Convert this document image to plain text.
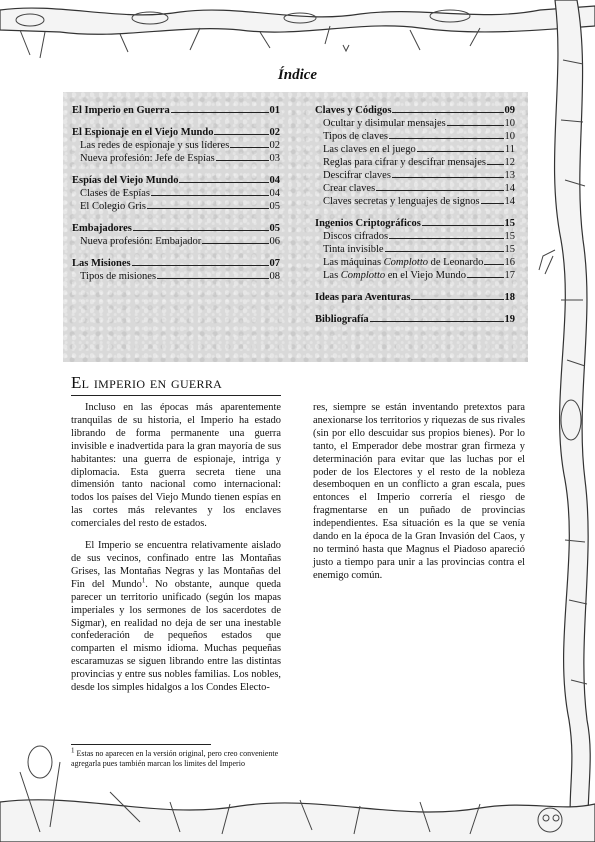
Índice
El Imperio en Guerra	01
El Espionaje en el Viejo Mundo	02
Las redes de espionaje y sus líderes	02
Nueva profesión: Jefe de Espías	03
Espías del Viejo Mundo	04
Clases de Espías	04
El Colegio Gris	05
Embajadores	05
Nueva profesión: Embajador	06
Las Misiones	07
Tipos de misiones	08
Claves y Códigos	09
Ocultar y disimular mensajes	10
Tipos de claves	10
Las claves en el juego	11
Reglas para cifrar y descifrar mensajes 12
Descifrar claves	13
Crear claves	14
Claves secretas y lenguajes de signos 14
Ingenios Criptográficos	15
Discos cifrados	15
Tinta invisible	15
Las máquinas Complotto de Leonardo 16
Las Complotto en el Viejo Mundo	17
Ideas para Aventuras	18
Bibliografía	19
El imperio en guerra

Incluso en las épocas más aparentemente tranquilas de su historia, el Imperio ha estado librando de forma permanente una guerra invisible e inadvertida para la gran mayoría de sus habitantes: una guerra de espionaje, intriga y diplomacia. Esta guerra secreta tiene una dimensión tanto nacional como internacional: todos los países del Viejo Mundo tienen espías en las cortes más relevantes y los enclaves comerciales del resto de estados.

El Imperio se encuentra relativamente aislado de sus vecinos, confinado entre las Montañas Grises, las Montañas Negras y las Montañas del Fin del Mundo$^1$. No obstante, aunque queda parecer un territorio unificado (según los mapas imperiales y los sermones de los sacerdotes de Sigmar), en realidad no deja de ser una inestable confederación de pequeños estados que comparten el mismo idioma. Muchas pequeñas escaramuzas se siguen librando entre las distintas provincias y entre sus nobles familias. Los nobles, desde los simples hidalgos a los Condes Electo-

res, siempre se están inventando pretextos para anexionarse los territorios y riquezas de sus rivales (sin por ello descuidar sus propios bienes). Por lo tanto, el Emperador debe mostrar gran firmeza y determinación para evitar que las luchas por el poder de los Electores y el resto de la nobleza desemboquen en un conflicto a gran escala, pues entonces el Imperio correría el riesgo de fragmentarse en un puñado de provincias independientes. Esa situación es la que se venía dando en la época de la Gran Invasión del Caos, y no terminó hasta que Magnus el Piadoso apareció justo a tiempo para unir a las provincias contra el enemigo común.

$^1$ Estas no aparecen en la versión original, pero creo conveniente agregarla pues también marcan los limites del Imperio
